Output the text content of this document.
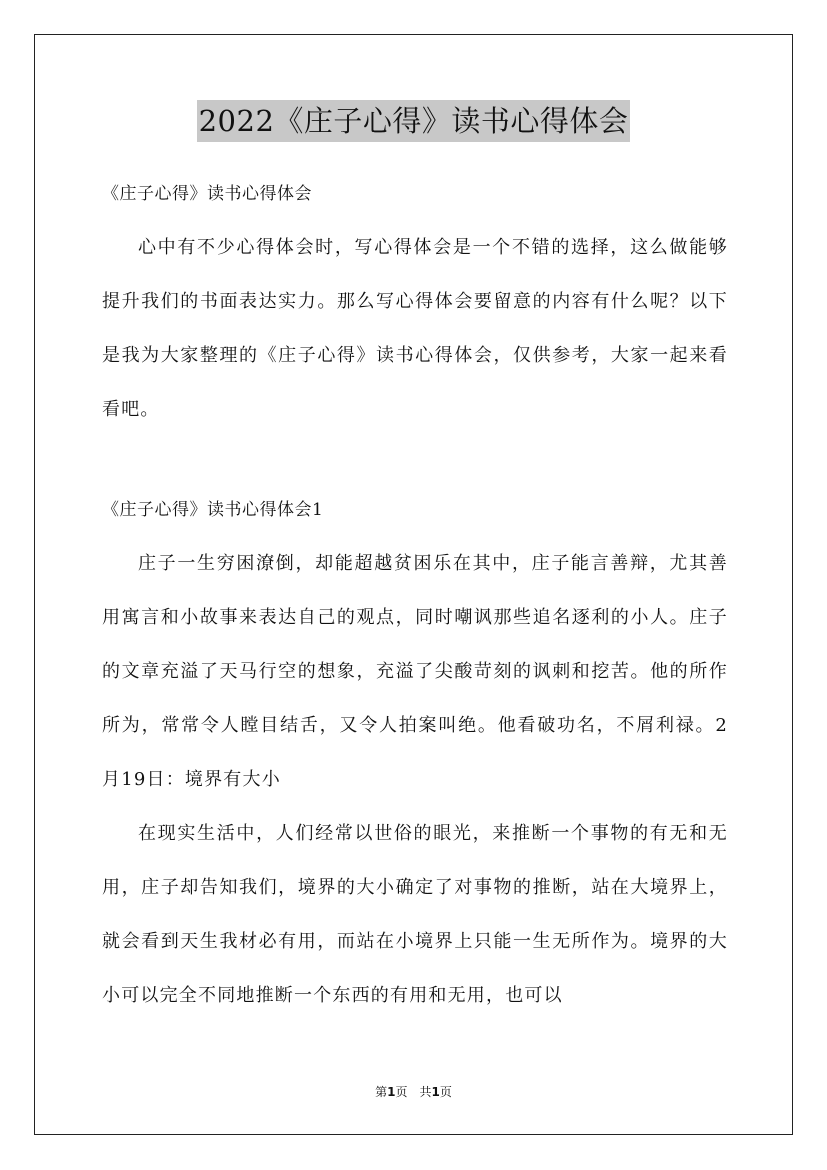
2022《庄子心得》读书心得体会

《庄子心得》读书心得体会

心中有不少心得体会时，写心得体会是一个不错的选择，这么做能够提升我们的书面表达实力。那么写心得体会要留意的内容有什么呢？以下是我为大家整理的《庄子心得》读书心得体会，仅供参考，大家一起来看看吧。

《庄子心得》读书心得体会1

庄子一生穷困潦倒，却能超越贫困乐在其中，庄子能言善辩，尤其善用寓言和小故事来表达自己的观点，同时嘲讽那些追名逐利的小人。庄子的文章充溢了天马行空的想象，充溢了尖酸苛刻的讽刺和挖苦。他的所作所为，常常令人瞠目结舌，又令人拍案叫绝。他看破功名，不屑利禄。2月19日：境界有大小

在现实生活中，人们经常以世俗的眼光，来推断一个事物的有无和无用，庄子却告知我们，境界的大小确定了对事物的推断，站在大境界上，就会看到天生我材必有用，而站在小境界上只能一生无所作为。境界的大小可以完全不同地推断一个东西的有用和无用，也可以

第1页 共1页
